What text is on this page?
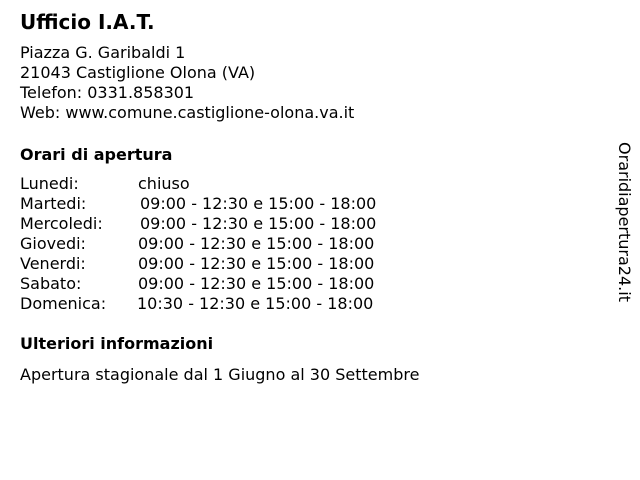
Ufficio I.A.T.
Piazza G. Garibaldi 1
21043 Castiglione Olona (VA)
Telefon: 0331.858301
Web: www.comune.castiglione-olona.va.it
Orari di apertura
Lunedi:	chiuso
Martedi:	09:00 - 12:30 e 15:00 - 18:00
Mercoledi: 09:00 - 12:30 e 15:00 - 18:00
Giovedi:	09:00 - 12:30 e 15:00 - 18:00
Venerdi:	09:00 - 12:30 e 15:00 - 18:00
Sabato:	09:00 - 12:30 e 15:00 - 18:00
Domenica: 10:30 - 12:30 e 15:00 - 18:00
Ulteriori informazioni
Apertura stagionale dal 1 Giugno al 30 Settembre
Oraridiapertura24.it
